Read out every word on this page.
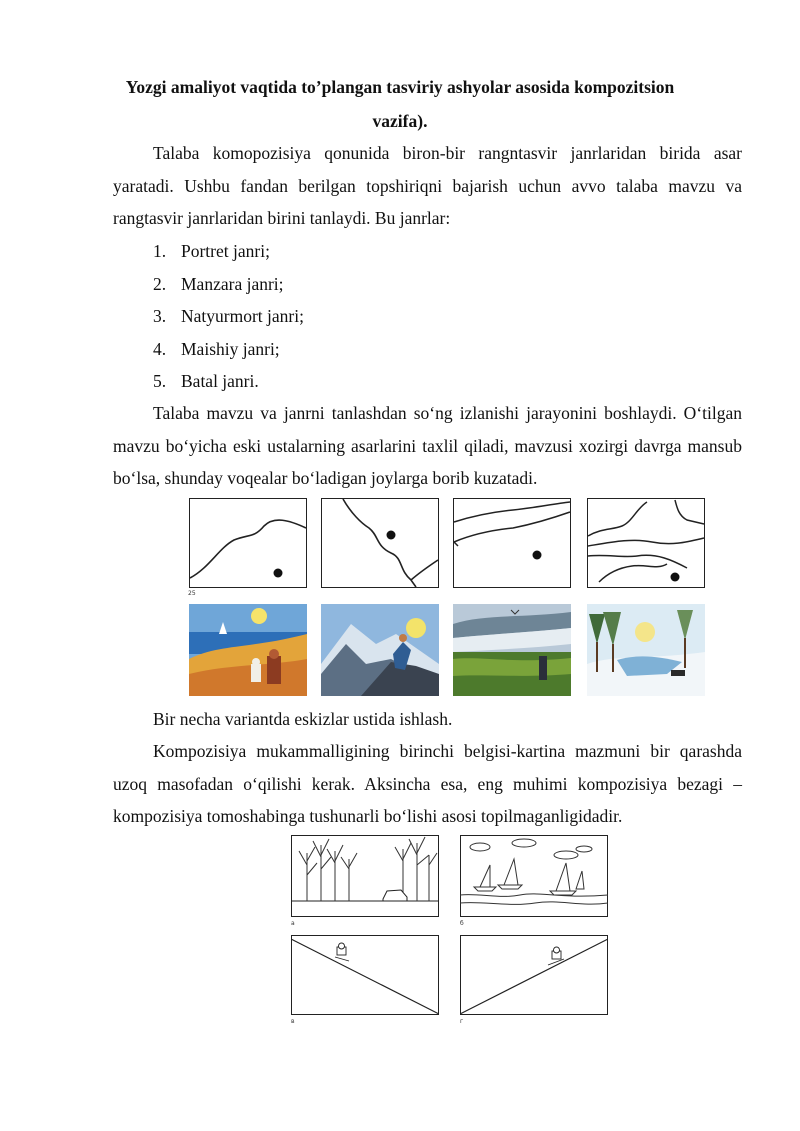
Yozgi amaliyot vaqtida to’plangan tasviriy ashyolar asosida kompozitsion
vazifa).

Talaba komopozisiya qonunida biron-bir rangntasvir janrlaridan birida asar yaratadi. Ushbu fandan berilgan topshiriqni bajarish uchun avvo talaba mavzu va rangtasvir janrlaridan birini tanlaydi. Bu janrlar:

1. Portret janri;
2. Manzara janri;
3. Natyurmort janri;
4. Maishiy janri;
5. Batal janri.

Talaba mavzu va janrni tanlashdan so‘ng izlanishi jarayonini boshlaydi. O‘tilgan mavzu bo‘yicha eski ustalarning asarlarini taxlil qiladi, mavzusi xozirgi davrga mansub bo‘lsa, shunday voqealar bo‘ladigan joylarga borib kuzatadi.

25
Bir necha variantda eskizlar ustida ishlash.

Kompozisiya mukammalligining birinchi belgisi-kartina mazmuni bir qarashda uzoq masofadan o‘qilishi kerak. Aksincha esa, eng muhimi kompozisiya bezagi – kompozisiya tomoshabinga tushunarli bo‘lishi asosi topilmaganligidadir.

a	б
в	г
